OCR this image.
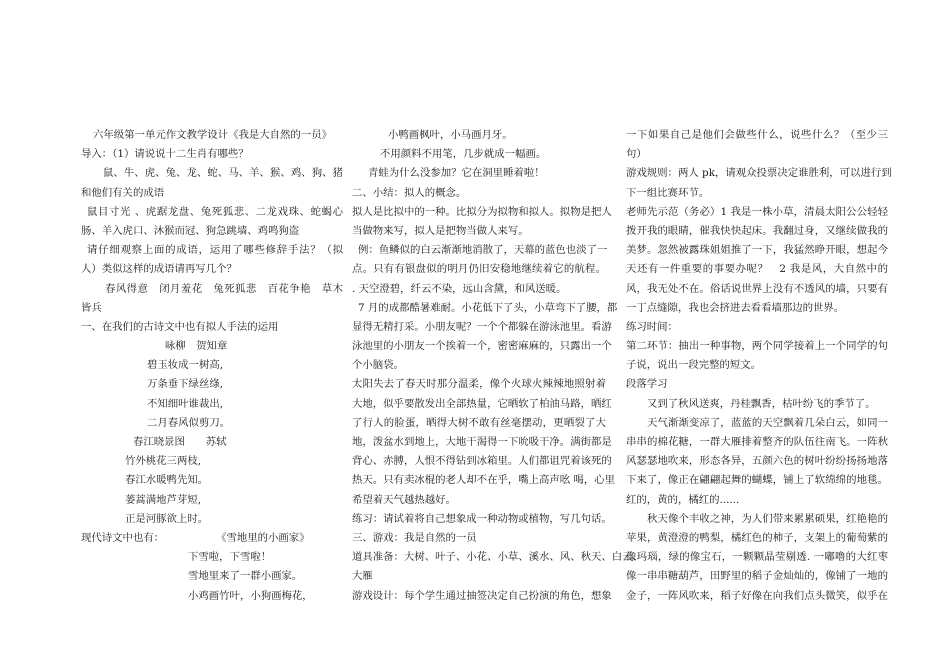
六年级第一单元作文教学设计《我是大自然的一员》
导入：（1）请说说十二生肖有哪些？
鼠、牛、虎、兔、龙、蛇、马、羊、猴、鸡、狗、猪
和他们有关的成语
鼠目寸光 、虎踞龙盘、兔死狐悲、二龙戏珠、蛇蝎心
肠、羊入虎口、沐猴而冠、狗急跳墙、鸡鸣狗盗
请仔细观察上面的成语，运用了哪些修辞手法？（拟
人）类似这样的成语请再写几个？
春风得意　闭月羞花　兔死狐悲　百花争艳　草木
皆兵
一、在我们的古诗文中也有拟人手法的运用
咏柳　贺知章
碧玉妆成一树高,
万条垂下绿丝绦,
不知细叶谁裁出,
二月春风似剪刀。
春江晓景图　　苏轼
竹外桃花三两枝,
春江水暖鸭先知。
蒌蒿满地芦芽短,
正是河豚欲上时。
现代诗文中也有：　　　　　　《雪地里的小画家》
下雪啦，下雪啦！
雪地里来了一群小画家。
小鸡画竹叶，小狗画梅花，
小鸭画枫叶，小马画月牙。
不用颜料不用笔，几步就成一幅画。
青蛙为什么没参加？它在洞里睡着啦！
二、小结：拟人的概念。
拟人是比拟中的一种。比拟分为拟物和拟人。拟物是把人
当做物来写，拟人是把物当做人来写。
例：鱼鳞似的白云渐渐地消散了，天幕的蓝色也淡了一
点。只有有银盘似的明月仍旧安稳地继续着它的航程。
. 天空澄碧，纤云不染，远山含黛，和风送暖。
7 月的成都酷暑难耐。小花低下了头，小草弯下了腰，都
显得无精打采。小朋友呢？一个个都躲在游泳池里。看游
泳池里的小朋友一个挨着一个，密密麻麻的，只露出一个
个小脑袋。
太阳失去了春天时那分温柔，像个火球火辣辣地照射着
大地，似乎要散发出全部热量，它晒软了柏油马路，晒红
了行人的脸蛋，晒得大树不敢有丝毫摆动，更晒裂了大
地，泼盆水到地上，大地干渴得一下吮吸干净。满街都是
背心、赤膊，人恨不得钻到冰箱里。人们都诅咒着该死的
热天。只有卖冰棍的老人却不在乎，嘴上高声吆 喝，心里
希望着天气越热越好。
练习：请试着将自己想象成一种动物或植物，写几句话。
三、游戏：我是自然的一员
道具准备：大树、叶子、小花、小草、溪水、风、秋天、白云、
大雁
游戏设计：每个学生通过抽签决定自己扮演的角色，想象
一下如果自己是他们会做些什么，说些什么？（至少三
句）
游戏规则：两人 pk，请观众投票决定谁胜利，可以进行到
下一组比赛环节。
老师先示范（务必）1 我是一株小草，清晨太阳公公轻轻
拨开我的眼睛，催我快快起床。我翻过身，又继续做我的
美梦。忽然被露珠姐姐推了一下，我猛然睁开眼，想起今
天还有一件重要的事要办呢？　2 我是风，大自然中的
风，我无处不在。俗话说世界上没有不透风的墙，只要有
一丁点缝隙，我也会挤进去看看墙那边的世界。
练习时间：
第二环节：抽出一种事物，两个同学接着上一个同学的句
子说，说出一段完整的短文。
段落学习
又到了秋风送爽，丹桂飘香，枯叶纷飞的季节了。
天气渐渐变凉了，蓝蓝的天空飘着几朵白云，如同一
串串的棉花糖，一群大雁排着整齐的队伍往南飞。一阵秋
风瑟瑟地吹来，形态各异，五颜六色的树叶纷纷扬扬地落
下来了，像正在翩翩起舞的蝴蝶，铺上了软绵绵的地毯。
红的，黄的，橘红的......
秋天像个丰收之神，为人们带来累累硕果，红艳艳的
苹果，黄澄澄的鸭梨，橘红色的柿子，支架上的葡萄紫的
像玛瑙，绿的像宝石，一颗颗晶莹剔透. 一嘟噜的大红枣
像一串串糖葫芦，田野里的稻子金灿灿的，像铺了一地的
金子，一阵风吹来，稻子好像在向我们点头微笑，似乎在
